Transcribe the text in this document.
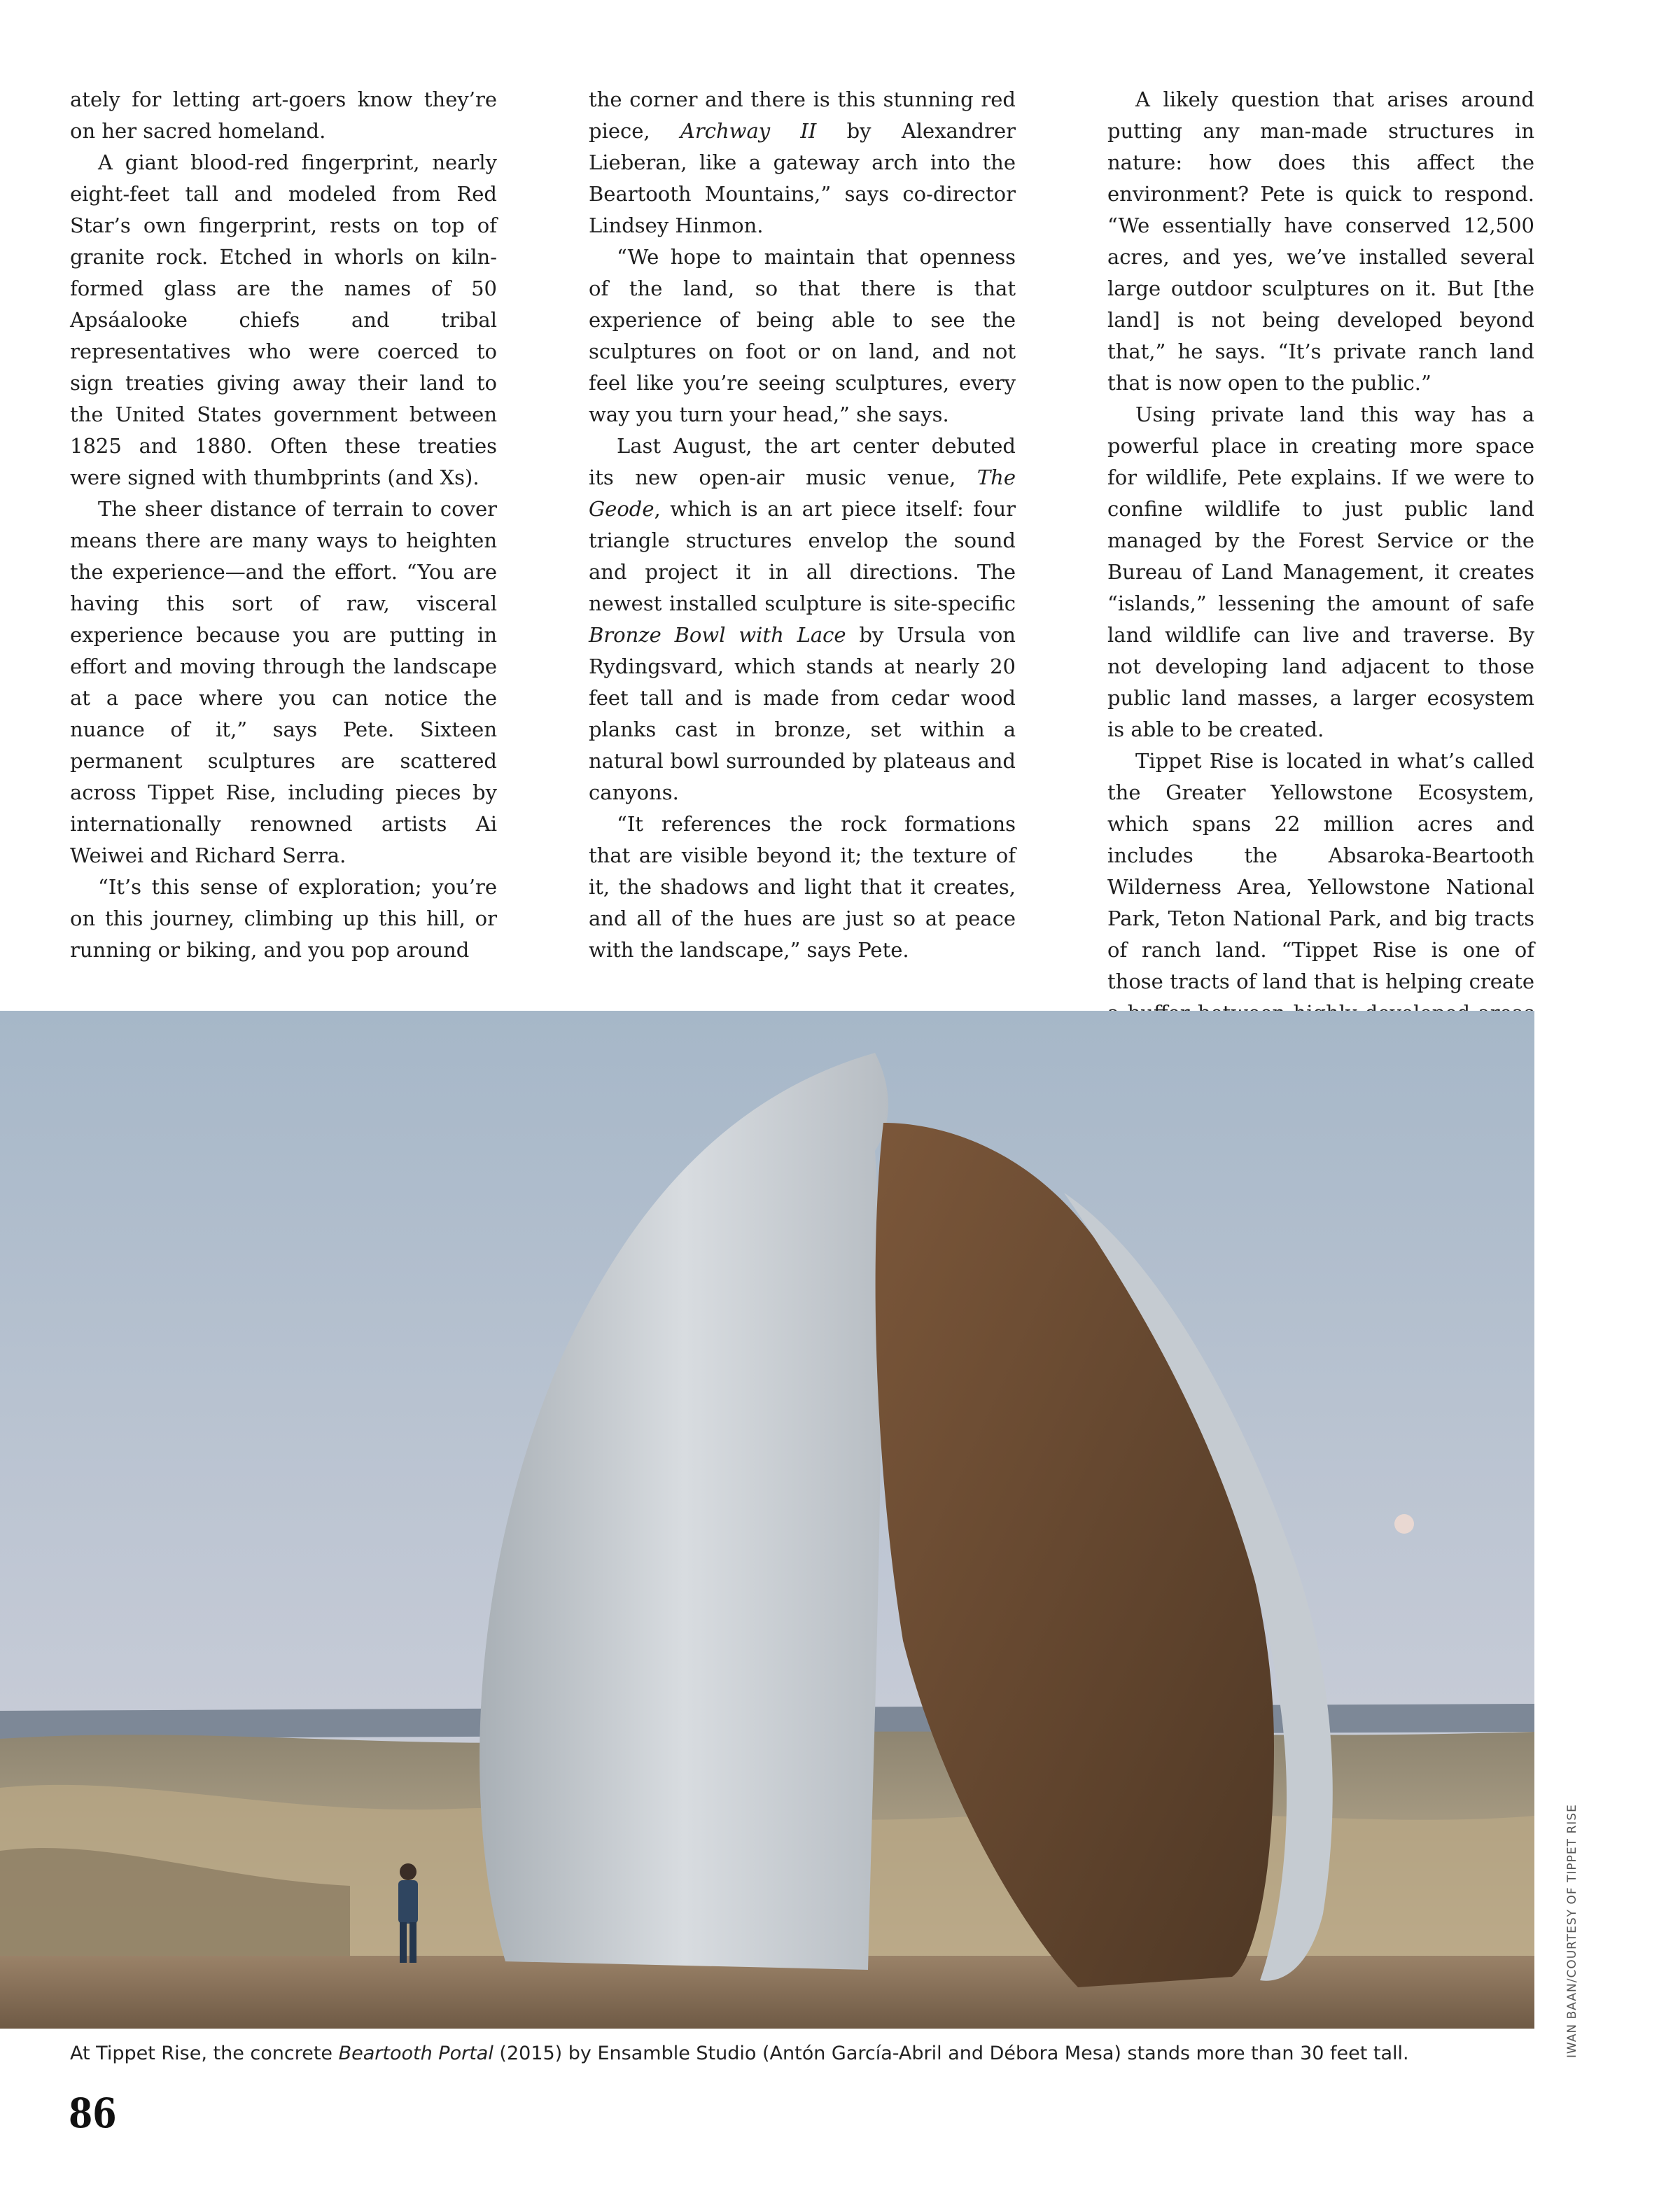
ately for letting art-goers know they’re on her sacred homeland.

A giant blood-red fingerprint, nearly eight-feet tall and modeled from Red Star’s own fingerprint, rests on top of granite rock. Etched in whorls on kiln-formed glass are the names of 50 Apsáalooke chiefs and tribal representatives who were coerced to sign treaties giving away their land to the United States government between 1825 and 1880. Often these treaties were signed with thumbprints (and Xs).

The sheer distance of terrain to cover means there are many ways to heighten the experience—and the effort. “You are having this sort of raw, visceral experience because you are putting in effort and moving through the landscape at a pace where you can notice the nuance of it,” says Pete. Sixteen permanent sculptures are scattered across Tippet Rise, including pieces by internationally renowned artists Ai Weiwei and Richard Serra.

“It’s this sense of exploration; you’re on this journey, climbing up this hill, or running or biking, and you pop around

the corner and there is this stunning red piece, Archway II by Alexandrer Lieberan, like a gateway arch into the Beartooth Mountains,” says co-director Lindsey Hinmon.

“We hope to maintain that openness of the land, so that there is that experience of being able to see the sculptures on foot or on land, and not feel like you’re seeing sculptures, every way you turn your head,” she says.

Last August, the art center debuted its new open-air music venue, The Geode, which is an art piece itself: four triangle structures envelop the sound and project it in all directions. The newest installed sculpture is site-specific Bronze Bowl with Lace by Ursula von Rydingsvard, which stands at nearly 20 feet tall and is made from cedar wood planks cast in bronze, set within a natural bowl surrounded by plateaus and canyons.

“It references the rock formations that are visible beyond it; the texture of it, the shadows and light that it creates, and all of the hues are just so at peace with the landscape,” says Pete.

A likely question that arises around putting any man-made structures in nature: how does this affect the environment? Pete is quick to respond. “We essentially have conserved 12,500 acres, and yes, we’ve installed several large outdoor sculptures on it. But [the land] is not being developed beyond that,” he says. “It’s private ranch land that is now open to the public.”

Using private land this way has a powerful place in creating more space for wildlife, Pete explains. If we were to confine wildlife to just public land managed by the Forest Service or the Bureau of Land Management, it creates “islands,” lessening the amount of safe land wildlife can live and traverse. By not developing land adjacent to those public land masses, a larger ecosystem is able to be created.

Tippet Rise is located in what’s called the Greater Yellowstone Ecosystem, which spans 22 million acres and includes the Absaroka-Beartooth Wilderness Area, Yellowstone National Park, Teton National Park, and big tracts of ranch land. “Tippet Rise is one of those tracts of land that is helping create

At Tippet Rise, the concrete Beartooth Portal (2015) by Ensamble Studio (Antón García-Abril and Débora Mesa) stands more than 30 feet tall.	IWAN BAAN/COURTESY OF TIPPET RISE
86
